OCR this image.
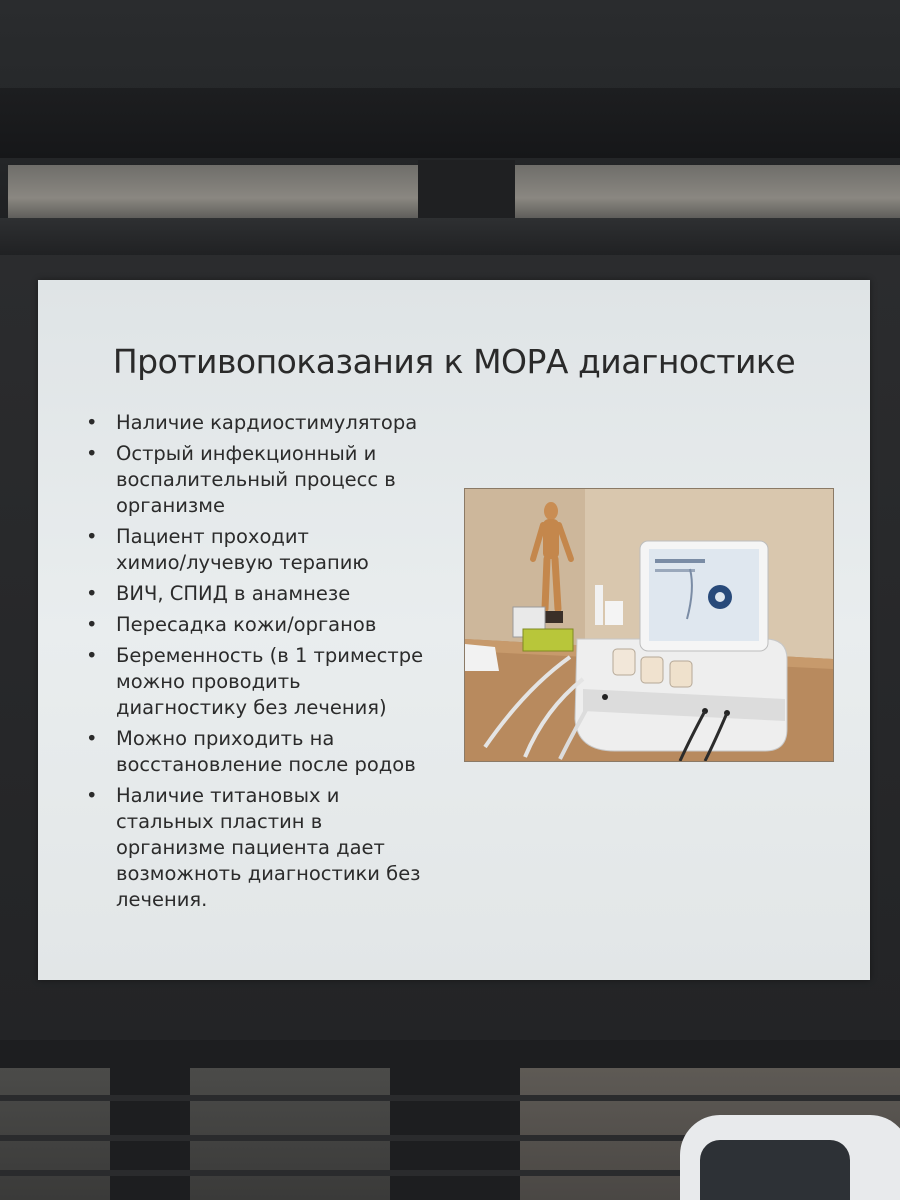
Противопоказания к МОРА диагностике
• Наличие кардиостимулятора
• Острый инфекционный и
воспалительный процесс в
организме
• Пациент проходит
химио/лучевую терапию
• ВИЧ, СПИД в анамнезе
• Пересадка кожи/органов
• Беременность (в 1 триместре
можно проводить
диагностику без лечения)
• Можно приходить на
восстановление после родов
• Наличие титановых и
стальных пластин в
организме пациента дает
возможноть диагностики без
лечения.
